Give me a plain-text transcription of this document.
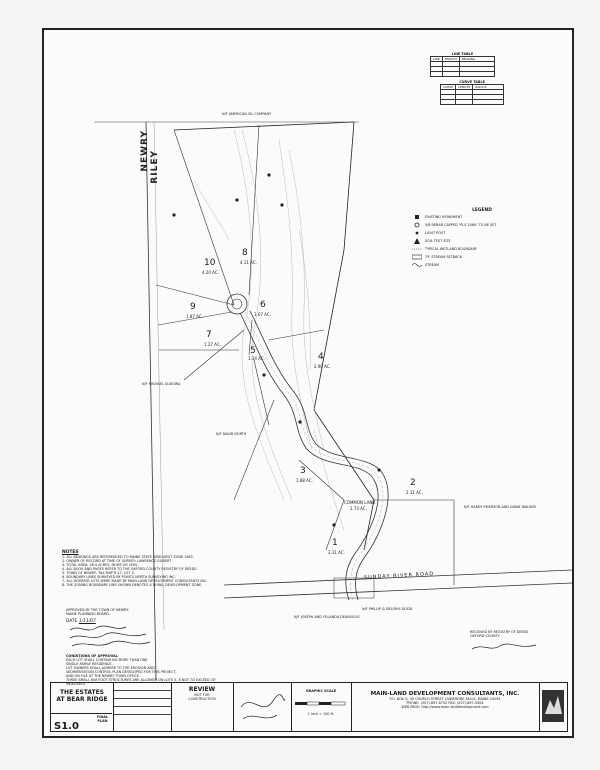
LINE TABLE
LINE	LENGTH	BEARING

CURVE TABLE
CURVE	LENGTH	RADIUS

NEWRY RILEY
SUNDAY RIVER ROAD
10
4.20 AC.
8
4.11 AC.
9
1.87 AC.
6
1.67 AC.
7
1.27 AC.
5
1.34 AC.	4
2.90 AC.
3
1.88 AC.	2
2.11 AC.
1
2.31 AC.
COMMON LAND
1.73 AC.
N/F JOSEPH AND YOLANDA DEANGELIS
N/F PHILLIP & DELORIS DODD
N/F HARDY EMERSON AND DIANE WALKER
N/F DAVID NORTH
N/F MICHAEL SUDOWA
N/F AMERICAN OIL COMPANY
LEGEND
EXISTING MONUMENT
5/8 REBAR CAPPED "PLS 1060" TO BE SET
LIGHT POST
SOIL TEST SITE
TYPICAL WETLAND BOUNDARY
75' STREAM SETBACK
STREAM
NOTES
1. ALL BEARINGS ARE REFERENCED TO MAINE STATE GRID WEST ZONE 1983.
2. OWNER OF RECORD AT TIME OF SURVEY: LAWRENCE GILBERT
3. TOTAL AREA: 26.4 ACRES, MORE OR LESS.
4. ALL BOOK AND PAGES REFER TO THE OXFORD COUNTY REGISTRY OF DEEDS.
5. TOWN OF NEWRY, TAX MAP R-17, LOT 3.
6. BOUNDARY LINES SURVEYED BY POINTS NORTH SURVEYING INC.
7. ALL INTERIOR LOTS WERE MADE BY MAIN-LAND DEVELOPMENT CONSULTANTS INC.
8. THE ZONING BOUNDARY LINE SHOWN DENOTES A RURAL DEVELOPMENT ZONE.
APPROVED BY THE TOWN OF NEWRY,
MAINE PLANNING BOARD.
DATE 1/11/07
CONDITIONS OF APPROVAL
EACH LOT SHALL CONTAIN NO MORE THAN ONE
SINGLE-FAMILY RESIDENCE.
LOT OWNERS SHALL ADHERE TO THE EROSION AND
SEDIMENTATION CONTROL PLAN DEVELOPED FOR THIS PROJECT,
AND ON FILE AT THE NEWRY TOWN OFFICE.
THREE SMALL 8X8 FOOT STRUCTURES ARE ALLOWED ON LOTS 5, 8 NOT TO EXCEED 30' MEASURED
RECEIVED BY REGISTRY OF DEEDS
OXFORD COUNTY
THE ESTATES
AT BEAR RIDGE
REVIEW
NOT FOR
CONSTRUCTION
GRAPHIC SCALE
1 inch = 100 ft.
MAIN-LAND DEVELOPMENT CONSULTANTS, INC.
P.O. BOX Q, 49 CHURCH STREET LIVERMORE FALLS, MAINE 04254
PHONE: (207)-897-6752 FAX: (207)-897-5404
WEB PAGE: http://www.main-landdevelopment.com
S1.0
FINAL
PLAN
